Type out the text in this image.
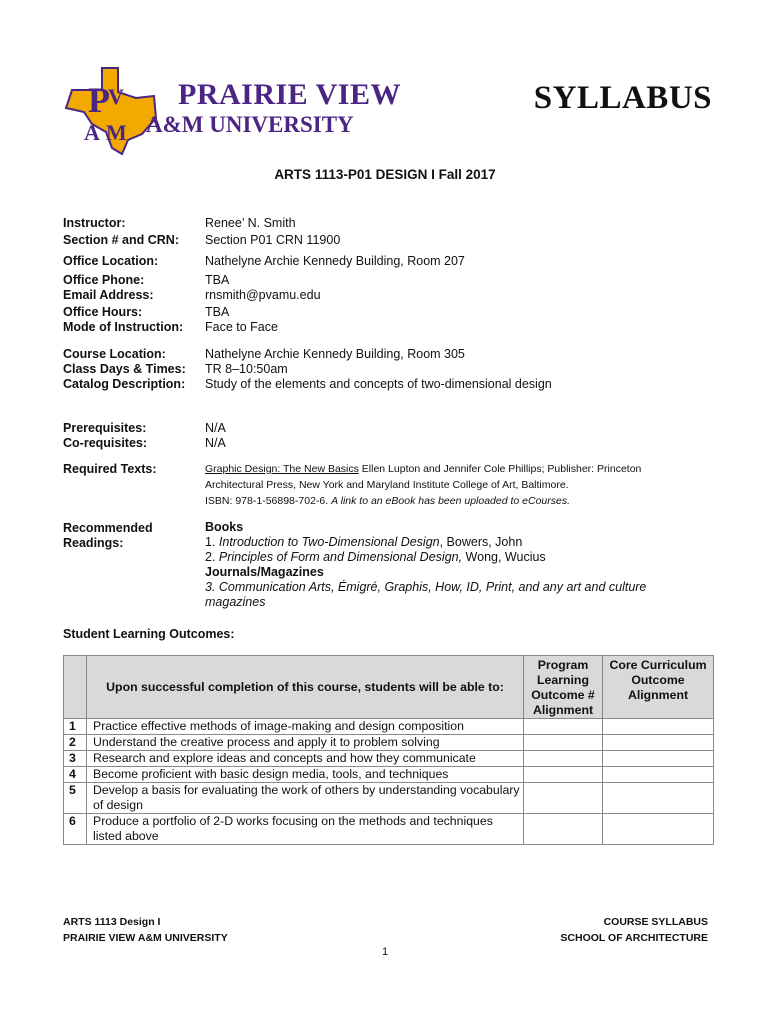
P
V
A M
PRAIRIE VIEW
A&M UNIVERSITY
SYLLABUS
ARTS 1113-P01 DESIGN I Fall 2017
Instructor:	Renee’ N. Smith
Section # and CRN: Section P01 CRN 11900
Office Location:	Nathelyne Archie Kennedy Building, Room 207
Office Phone:	TBA
Email Address:	rnsmith@pvamu.edu
Office Hours:	TBA
Mode of Instruction: Face to Face
Course Location:	Nathelyne Archie Kennedy Building, Room 305
Class Days & Times: TR 8–10:50am
Catalog Description: Study of the elements and concepts of two-dimensional design
Prerequisites:	N/A
Co-requisites:	N/A
Required Texts:	Graphic Design: The New Basics Ellen Lupton and Jennifer Cole Phillips; Publisher: Princeton
Architectural Press, New York and Maryland Institute College of Art, Baltimore.
ISBN: 978-1-56898-702-6. A link to an eBook has been uploaded to eCourses.
Recommended
Readings:
Books
1. Introduction to Two-Dimensional Design, Bowers, John
2. Principles of Form and Dimensional Design, Wong, Wucius
Journals/Magazines
3. Communication Arts, Émigré, Graphis, How, ID, Print, and any art and culture magazines
Student Learning Outcomes:
	Upon successful completion of this course, students will be able to:	Program Learning Outcome # Alignment	Core Curriculum Outcome Alignment
1	Practice effective methods of image-making and design composition		
2	Understand the creative process and apply it to problem solving		
3	Research and explore ideas and concepts and how they communicate		
4	Become proficient with basic design media, tools, and techniques		
5	Develop a basis for evaluating the work of others by understanding vocabulary of design		
6	Produce a portfolio of 2-D works focusing on the methods and techniques listed above		
ARTS 1113 Design I
PRAIRIE VIEW A&M UNIVERSITY
COURSE SYLLABUS
SCHOOL OF ARCHITECTURE
1
